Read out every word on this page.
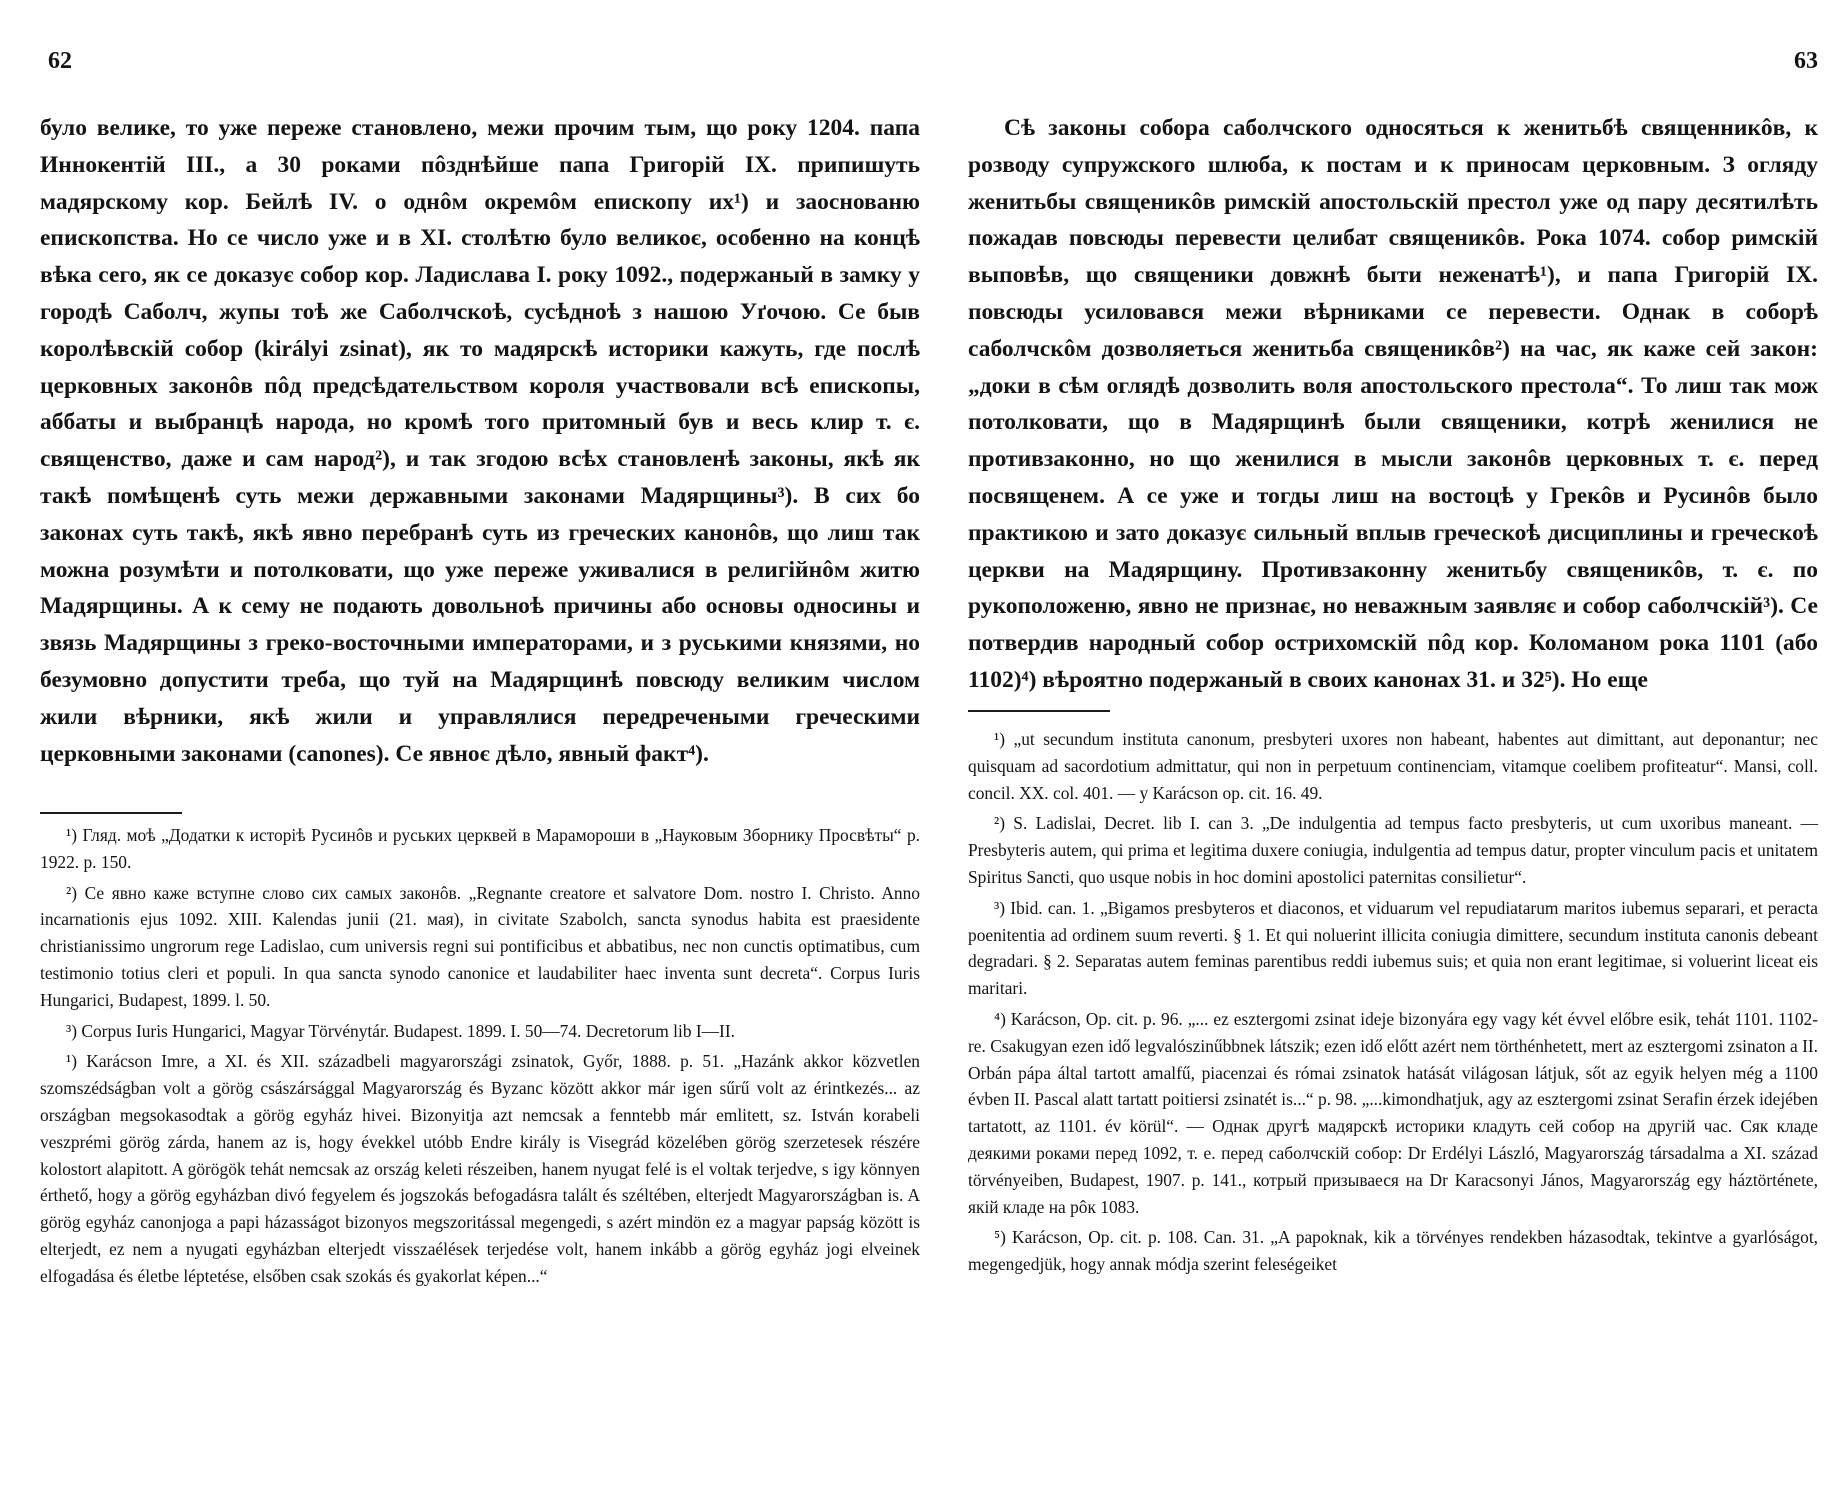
62

було велике, то уже переже становлено, межи прочим тым, що року 1204. папа Иннокентій III., а 30 роками пôзднѣйше папа Григорій IX. припишуть мадярскому кор. Бейлѣ IV. о однôм окремôм епископу их¹) и заоснованю епископства. Но се число уже и в XI. столѣтю було великоє, особенно на концѣ вѣка сего, як се доказує собор кор. Ладислава I. року 1092., подержаный в замку у городѣ Саболч, жупы тоѣ же Саболчскоѣ, сусѣдноѣ з нашою Уґочою. Се быв королѣвскій собор (királyi zsinat), як то мадярскѣ историки кажуть, где послѣ церковных законôв пôд предсѣдательством короля участвовали всѣ епископы, аббаты и выбранцѣ народа, но кромѣ того притомный був и весь клир т. є. священство, даже и сам народ²), и так згодою всѣх становленѣ законы, якѣ як такѣ помѣщенѣ суть межи державными законами Мадярщины³). В сих бо законах суть такѣ, якѣ явно перебранѣ суть из греческих канонôв, що лиш так можна розумѣти и потолковати, що уже переже уживалися в религійнôм житю Мадярщины. А к сему не подають довольноѣ причины або основы односины и звязь Мадярщины з греко-восточными императорами, и з руськими князями, но безумовно допустити треба, що туй на Мадярщинѣ повсюду великим числом жили вѣрники, якѣ жили и управлялися передречеными греческими церковными законами (canones). Се явноє дѣло, явный факт⁴).

¹) Гляд. моѣ „Додатки к исторіѣ Русинôв и руських церквей в Марамороши в „Науковым Зборнику Просвѣты“ р. 1922. р. 150.

²) Се явно каже вступне слово сих самых законôв. „Regnante creatore et salvatore Dom. nostro I. Christo. Anno incarnationis ejus 1092. XIII. Kalendas junii (21. мая), in civitate Szabolch, sancta synodus habita est praesidente christianissimo ungrorum rege Ladislao, cum universis regni sui pontificibus et abbatibus, nec non cunctis optimatibus, cum testimonio totius cleri et populi. In qua sancta synodo canonice et laudabiliter haec inventa sunt decreta“. Corpus Iuris Hungarici, Budapest, 1899. l. 50.

³) Corpus Iuris Hungarici, Magyar Törvénytár. Budapest. 1899. I. 50—74. Decretorum lib I—II.

¹) Karácson Imre, a XI. és XII. századbeli magyarországi zsinatok, Győr, 1888. p. 51. „Hazánk akkor közvetlen szomszédságban volt a görög császársággal Magyarország és Byzanc között akkor már igen sűrű volt az érintkezés... az országban megsokasodtak a görög egyház hivei. Bizonyitja azt nemcsak a fenntebb már emlitett, sz. István korabeli veszprémi görög zárda, hanem az is, hogy évekkel utóbb Endre király is Visegrád közelében görög szerzetesek részére kolostort alapitott. A görögök tehát nemcsak az ország keleti részeiben, hanem nyugat felé is el voltak terjedve, s igy könnyen érthető, hogy a görög egyházban divó fegyelem és jogszokás befogadásra talált és széltében, elterjedt Magyarországban is. A görög egyház canonjoga a papi házasságot bizonyos megszoritással megengedi, s azért mindön ez a magyar papság között is elterjedt, ez nem a nyugati egyházban elterjedt visszaélések terjedése volt, hanem inkább a görög egyház jogi elveinek elfogadása és életbe léptetése, elsőben csak szokás és gyakorlat képen...“

63

Сѣ законы собора саболчского односяться к женитьбѣ священникôв, к розводу супружского шлюба, к постам и к приносам церковным. З огляду женитьбы священикôв римскій апостольскій престол уже од пару десятилѣть пожадав повсюды перевести целибат священикôв. Рока 1074. собор римскій выповѣв, що священики довжнѣ быти неженатѣ¹), и папа Григорій IX. повсюды усиловався межи вѣрниками се перевести. Однак в соборѣ саболчскôм дозволяеться женитьба священикôв²) на час, як каже сей закон: „доки в сѣм оглядѣ дозволить воля апостольского престола“. То лиш так мож потолковати, що в Мадярщинѣ были священики, котрѣ женилися не противзаконно, но що женилися в мысли законôв церковных т. є. перед посвященем. А се уже и тогды лиш на востоцѣ у Грекôв и Русинôв было практикою и зато доказує сильный вплыв греческоѣ дисциплины и греческоѣ церкви на Мадярщину. Противзаконну женитьбу священикôв, т. є. по рукоположеню, явно не признає, но неважным заявляє и собор саболчскій³). Се потвердив народный собор острихомскій пôд кор. Коломаном рока 1101 (або 1102)⁴) вѣроятно подержаный в своих канонах 31. и 32⁵). Но еще

¹) „ut secundum instituta canonum, presbyteri uxores non habeant, habentes aut dimittant, aut deponantur; nec quisquam ad sacordotium admittatur, qui non in perpetuum continenciam, vitamque coelibem profiteatur“. Mansi, coll. concil. XX. col. 401. — у Karácson op. cit. 16. 49.

²) S. Ladislai, Decret. lib I. can 3. „De indulgentia ad tempus facto presbyteris, ut cum uxoribus maneant. — Presbyteris autem, qui prima et legitima duxere coniugia, indulgentia ad tempus datur, propter vinculum pacis et unitatem Spiritus Sancti, quo usque nobis in hoc domini apostolici paternitas consilietur“.

³) Ibid. can. 1. „Bigamos presbyteros et diaconos, et viduarum vel repudiatarum maritos iubemus separari, et peracta poenitentia ad ordinem suum reverti. § 1. Et qui noluerint illicita coniugia dimittere, secundum instituta canonis debeant degradari. § 2. Separatas autem feminas parentibus reddi iubemus suis; et quia non erant legitimae, si voluerint liceat eis maritari.

⁴) Karácson, Op. cit. p. 96. „... ez esztergomi zsinat ideje bizonyára egy vagy két évvel előbre esik, tehát 1101. 1102-re. Csakugyan ezen idő legvalószinűbbnek látszik; ezen idő előtt azért nem törthénhetett, mert az esztergomi zsinaton a II. Orbán pápa által tartott amalfű, piacenzai és római zsinatok hatását világosan látjuk, sőt az egyik helyen még a 1100 évben II. Pascal alatt tartatt poitiersi zsinatét is...“ p. 98. „...kimondhatjuk, agy az esztergomi zsinat Serafin érzek idejében tartatott, az 1101. év körül“. — Однак другѣ мадярскѣ историки кладуть сей собор на другій час. Сяк кладе деякими роками перед 1092, т. е. перед саболчскій собор: Dr Erdélyi László, Magyarország társadalma a XI. század törvényeiben, Budapest, 1907. p. 141., котрый призываеся на Dr Karacsonyi János, Magyarország egy háztörténete, якій кладе на рôк 1083.

⁵) Karácson, Op. cit. p. 108. Can. 31. „A papoknak, kik a törvényes rendekben házasodtak, tekintve a gyarlóságot, megengedjük, hogy annak módja szerint feleségeiket
